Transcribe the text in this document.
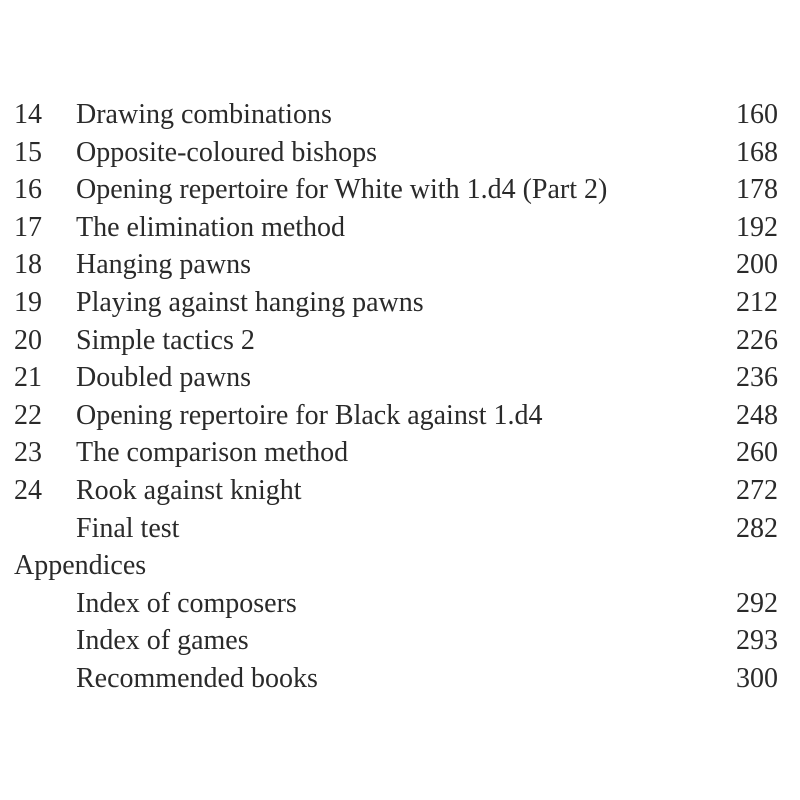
14 Drawing combinations	160
15 Opposite-coloured bishops	168
16 Opening repertoire for White with 1.d4 (Part 2)	178
17 The elimination method	192
18 Hanging pawns	200
19 Playing against hanging pawns	212
20 Simple tactics 2	226
21 Doubled pawns	236
22 Opening repertoire for Black against 1.d4	248
23 The comparison method	260
24 Rook against knight	272
Final test	282
Appendices
Index of composers	292
Index of games	293
Recommended books	300
